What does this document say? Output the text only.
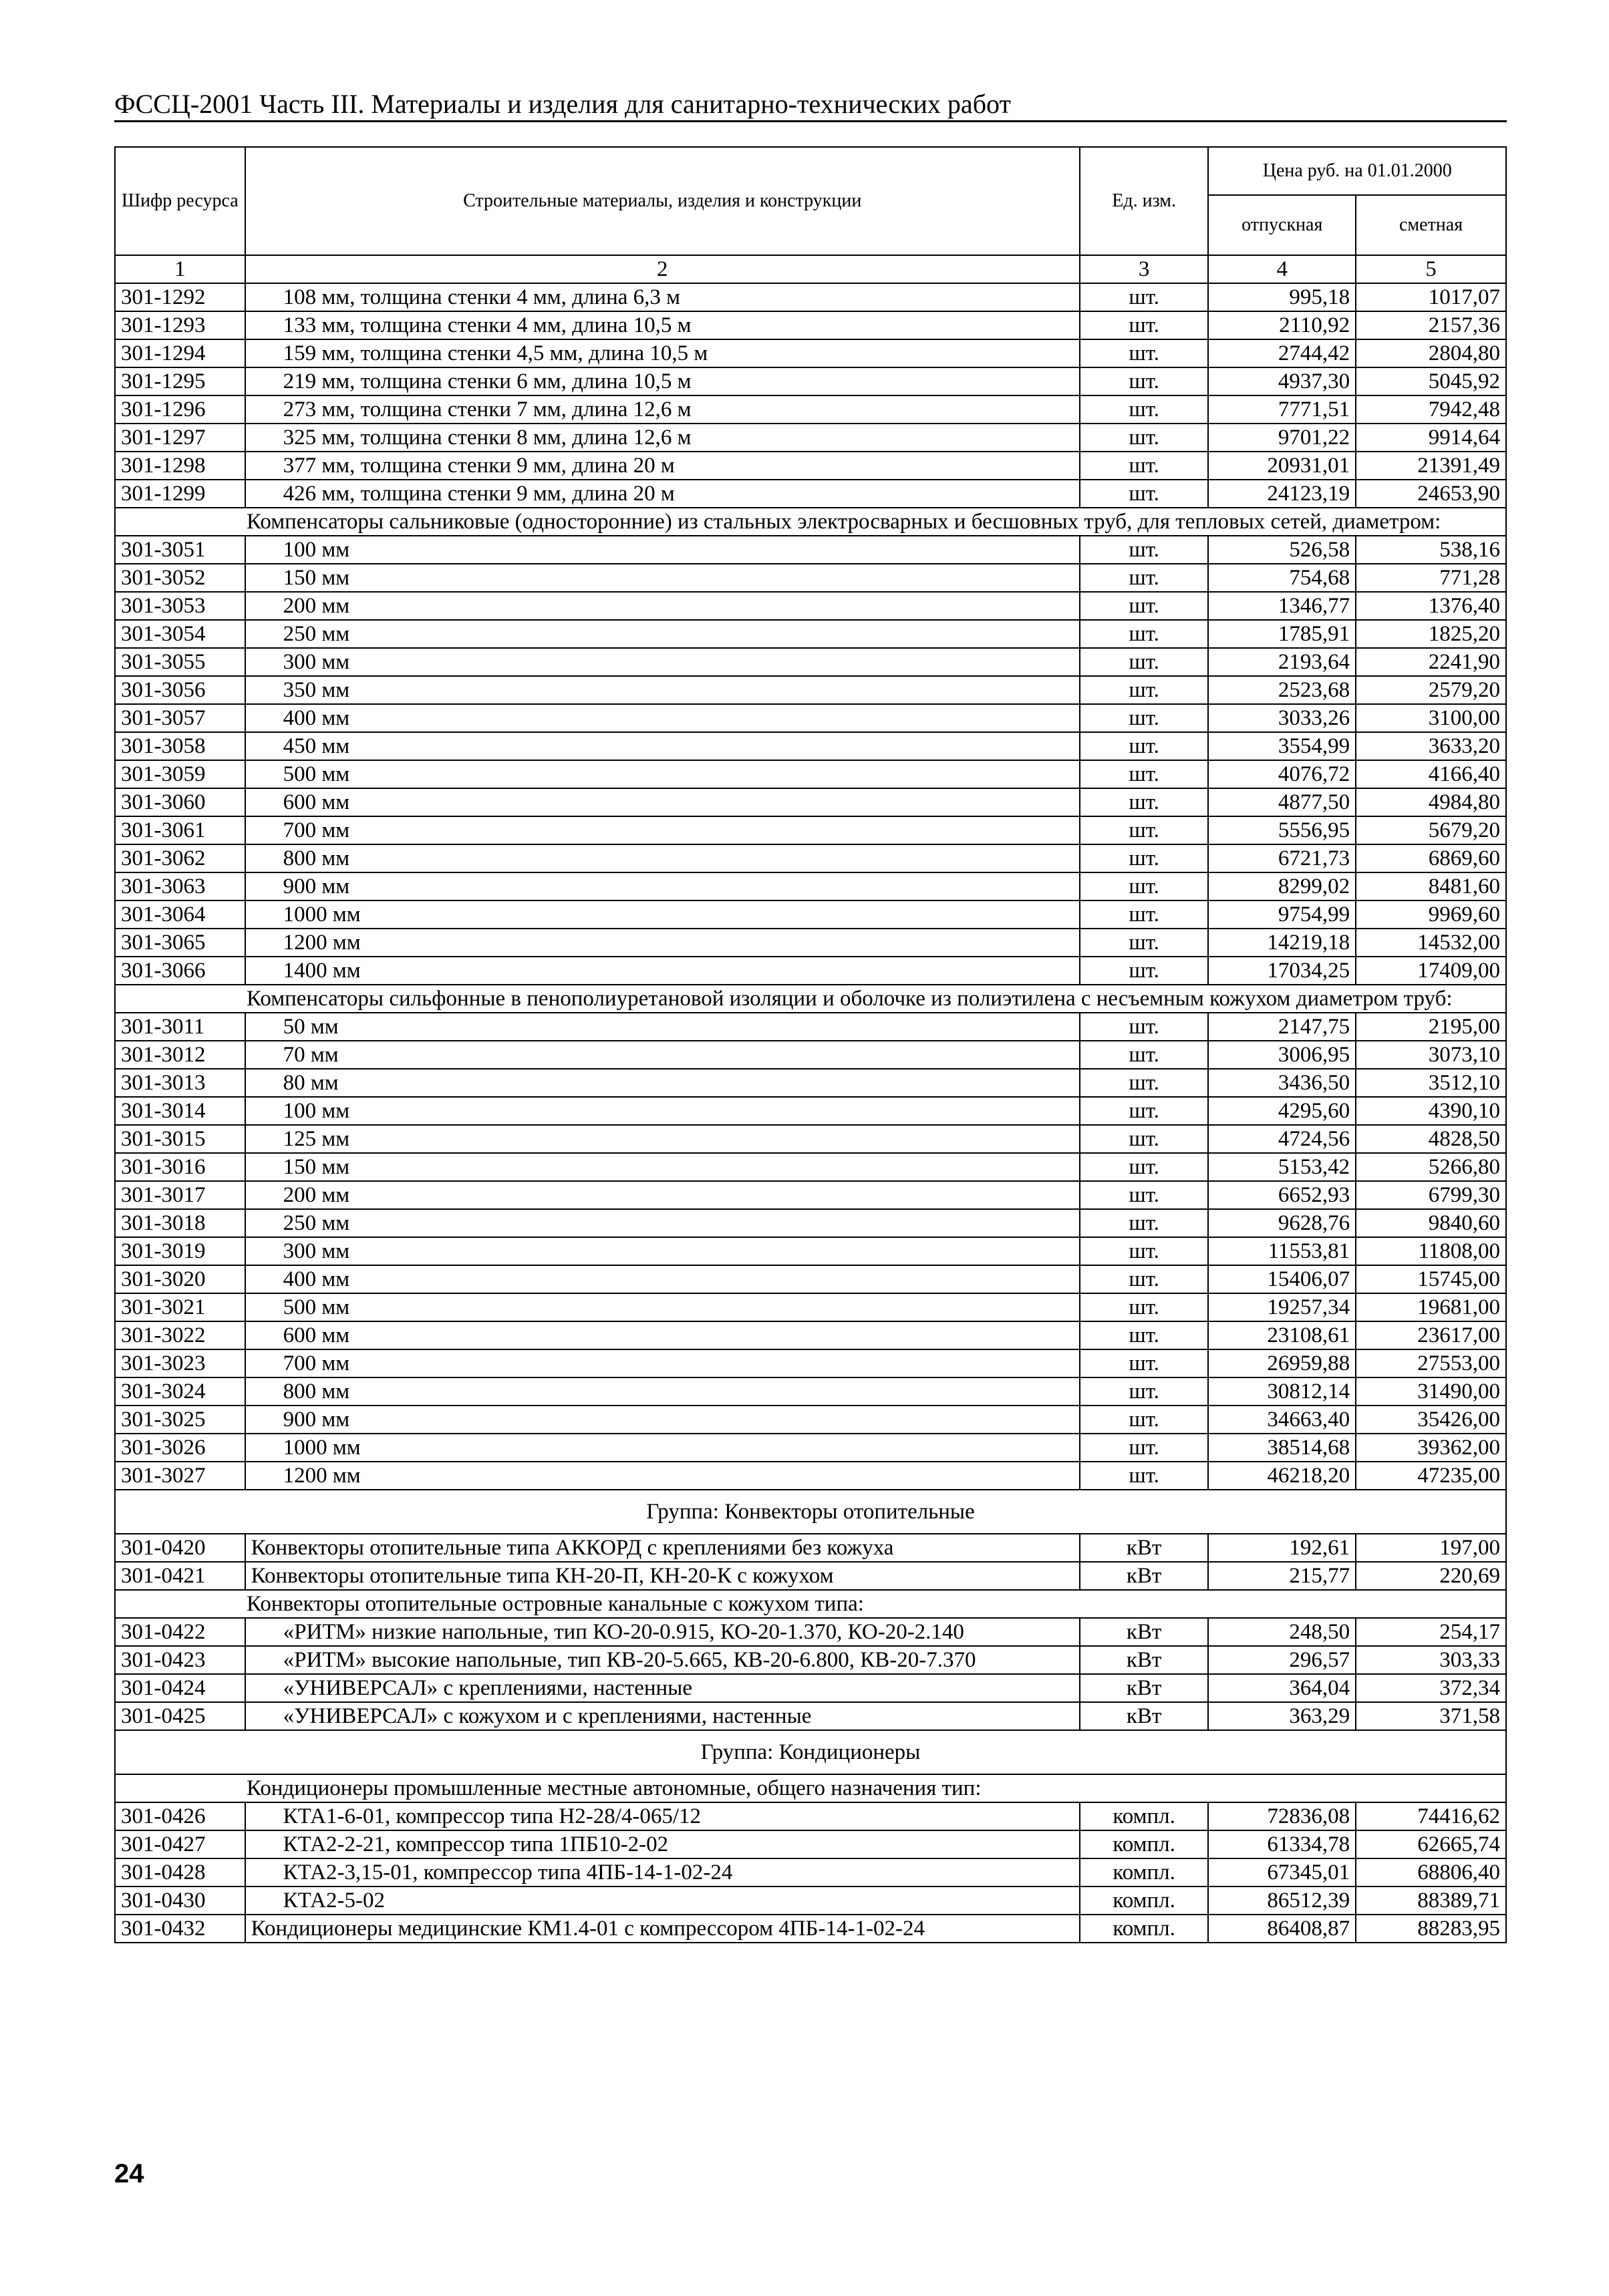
ФССЦ-2001 Часть III. Материалы и изделия для санитарно-технических работ
Шифр ресурса	Строительные материалы, изделия и конструкции	Ед. изм.	Цена руб. на 01.01.2000	
			отпускная	сметная
1	2	3	4	5
301-1292	108 мм, толщина стенки 4 мм, длина 6,3 м	шт.	995,18	1017,07
301-1293	133 мм, толщина стенки 4 мм, длина 10,5 м	шт.	2110,92	2157,36
301-1294	159 мм, толщина стенки 4,5 мм, длина 10,5 м	шт.	2744,42	2804,80
301-1295	219 мм, толщина стенки 6 мм, длина 10,5 м	шт.	4937,30	5045,92
301-1296	273 мм, толщина стенки 7 мм, длина 12,6 м	шт.	7771,51	7942,48
301-1297	325 мм, толщина стенки 8 мм, длина 12,6 м	шт.	9701,22	9914,64
301-1298	377 мм, толщина стенки 9 мм, длина 20 м	шт.	20931,01	21391,49
301-1299	426 мм, толщина стенки 9 мм, длина 20 м	шт.	24123,19	24653,90
Компенсаторы сальниковые (односторонние) из стальных электросварных и бесшовных труб, для тепловых сетей, диаметром:				
301-3051	100 мм	шт.	526,58	538,16
301-3052	150 мм	шт.	754,68	771,28
301-3053	200 мм	шт.	1346,77	1376,40
301-3054	250 мм	шт.	1785,91	1825,20
301-3055	300 мм	шт.	2193,64	2241,90
301-3056	350 мм	шт.	2523,68	2579,20
301-3057	400 мм	шт.	3033,26	3100,00
301-3058	450 мм	шт.	3554,99	3633,20
301-3059	500 мм	шт.	4076,72	4166,40
301-3060	600 мм	шт.	4877,50	4984,80
301-3061	700 мм	шт.	5556,95	5679,20
301-3062	800 мм	шт.	6721,73	6869,60
301-3063	900 мм	шт.	8299,02	8481,60
301-3064	1000 мм	шт.	9754,99	9969,60
301-3065	1200 мм	шт.	14219,18	14532,00
301-3066	1400 мм	шт.	17034,25	17409,00
Компенсаторы сильфонные в пенополиуретановой изоляции и оболочке из полиэтилена с несъемным кожухом диаметром труб:				
301-3011	50 мм	шт.	2147,75	2195,00
301-3012	70 мм	шт.	3006,95	3073,10
301-3013	80 мм	шт.	3436,50	3512,10
301-3014	100 мм	шт.	4295,60	4390,10
301-3015	125 мм	шт.	4724,56	4828,50
301-3016	150 мм	шт.	5153,42	5266,80
301-3017	200 мм	шт.	6652,93	6799,30
301-3018	250 мм	шт.	9628,76	9840,60
301-3019	300 мм	шт.	11553,81	11808,00
301-3020	400 мм	шт.	15406,07	15745,00
301-3021	500 мм	шт.	19257,34	19681,00
301-3022	600 мм	шт.	23108,61	23617,00
301-3023	700 мм	шт.	26959,88	27553,00
301-3024	800 мм	шт.	30812,14	31490,00
301-3025	900 мм	шт.	34663,40	35426,00
301-3026	1000 мм	шт.	38514,68	39362,00
301-3027	1200 мм	шт.	46218,20	47235,00
Группа: Конвекторы отопительные				
301-0420	Конвекторы отопительные типа АККОРД с креплениями без кожуха	кВт	192,61	197,00
301-0421	Конвекторы отопительные типа КН-20-П, КН-20-К с кожухом	кВт	215,77	220,69
Конвекторы отопительные островные канальные с кожухом типа:				
301-0422	«РИТМ» низкие напольные, тип КО-20-0.915, КО-20-1.370, КО-20-2.140	кВт	248,50	254,17
301-0423	«РИТМ» высокие напольные, тип КВ-20-5.665, КВ-20-6.800, КВ-20-7.370	кВт	296,57	303,33
301-0424	«УНИВЕРСАЛ» с креплениями, настенные	кВт	364,04	372,34
301-0425	«УНИВЕРСАЛ» с кожухом и с креплениями, настенные	кВт	363,29	371,58
Группа: Кондиционеры				
Кондиционеры промышленные местные автономные, общего назначения тип:				
301-0426	КТА1-6-01, компрессор типа Н2-28/4-065/12	компл.	72836,08	74416,62
301-0427	КТА2-2-21, компрессор типа 1ПБ10-2-02	компл.	61334,78	62665,74
301-0428	КТА2-3,15-01, компрессор типа 4ПБ-14-1-02-24	компл.	67345,01	68806,40
301-0430	КТА2-5-02	компл.	86512,39	88389,71
301-0432	Кондиционеры медицинские КМ1.4-01 с компрессором 4ПБ-14-1-02-24	компл.	86408,87	88283,95
24
